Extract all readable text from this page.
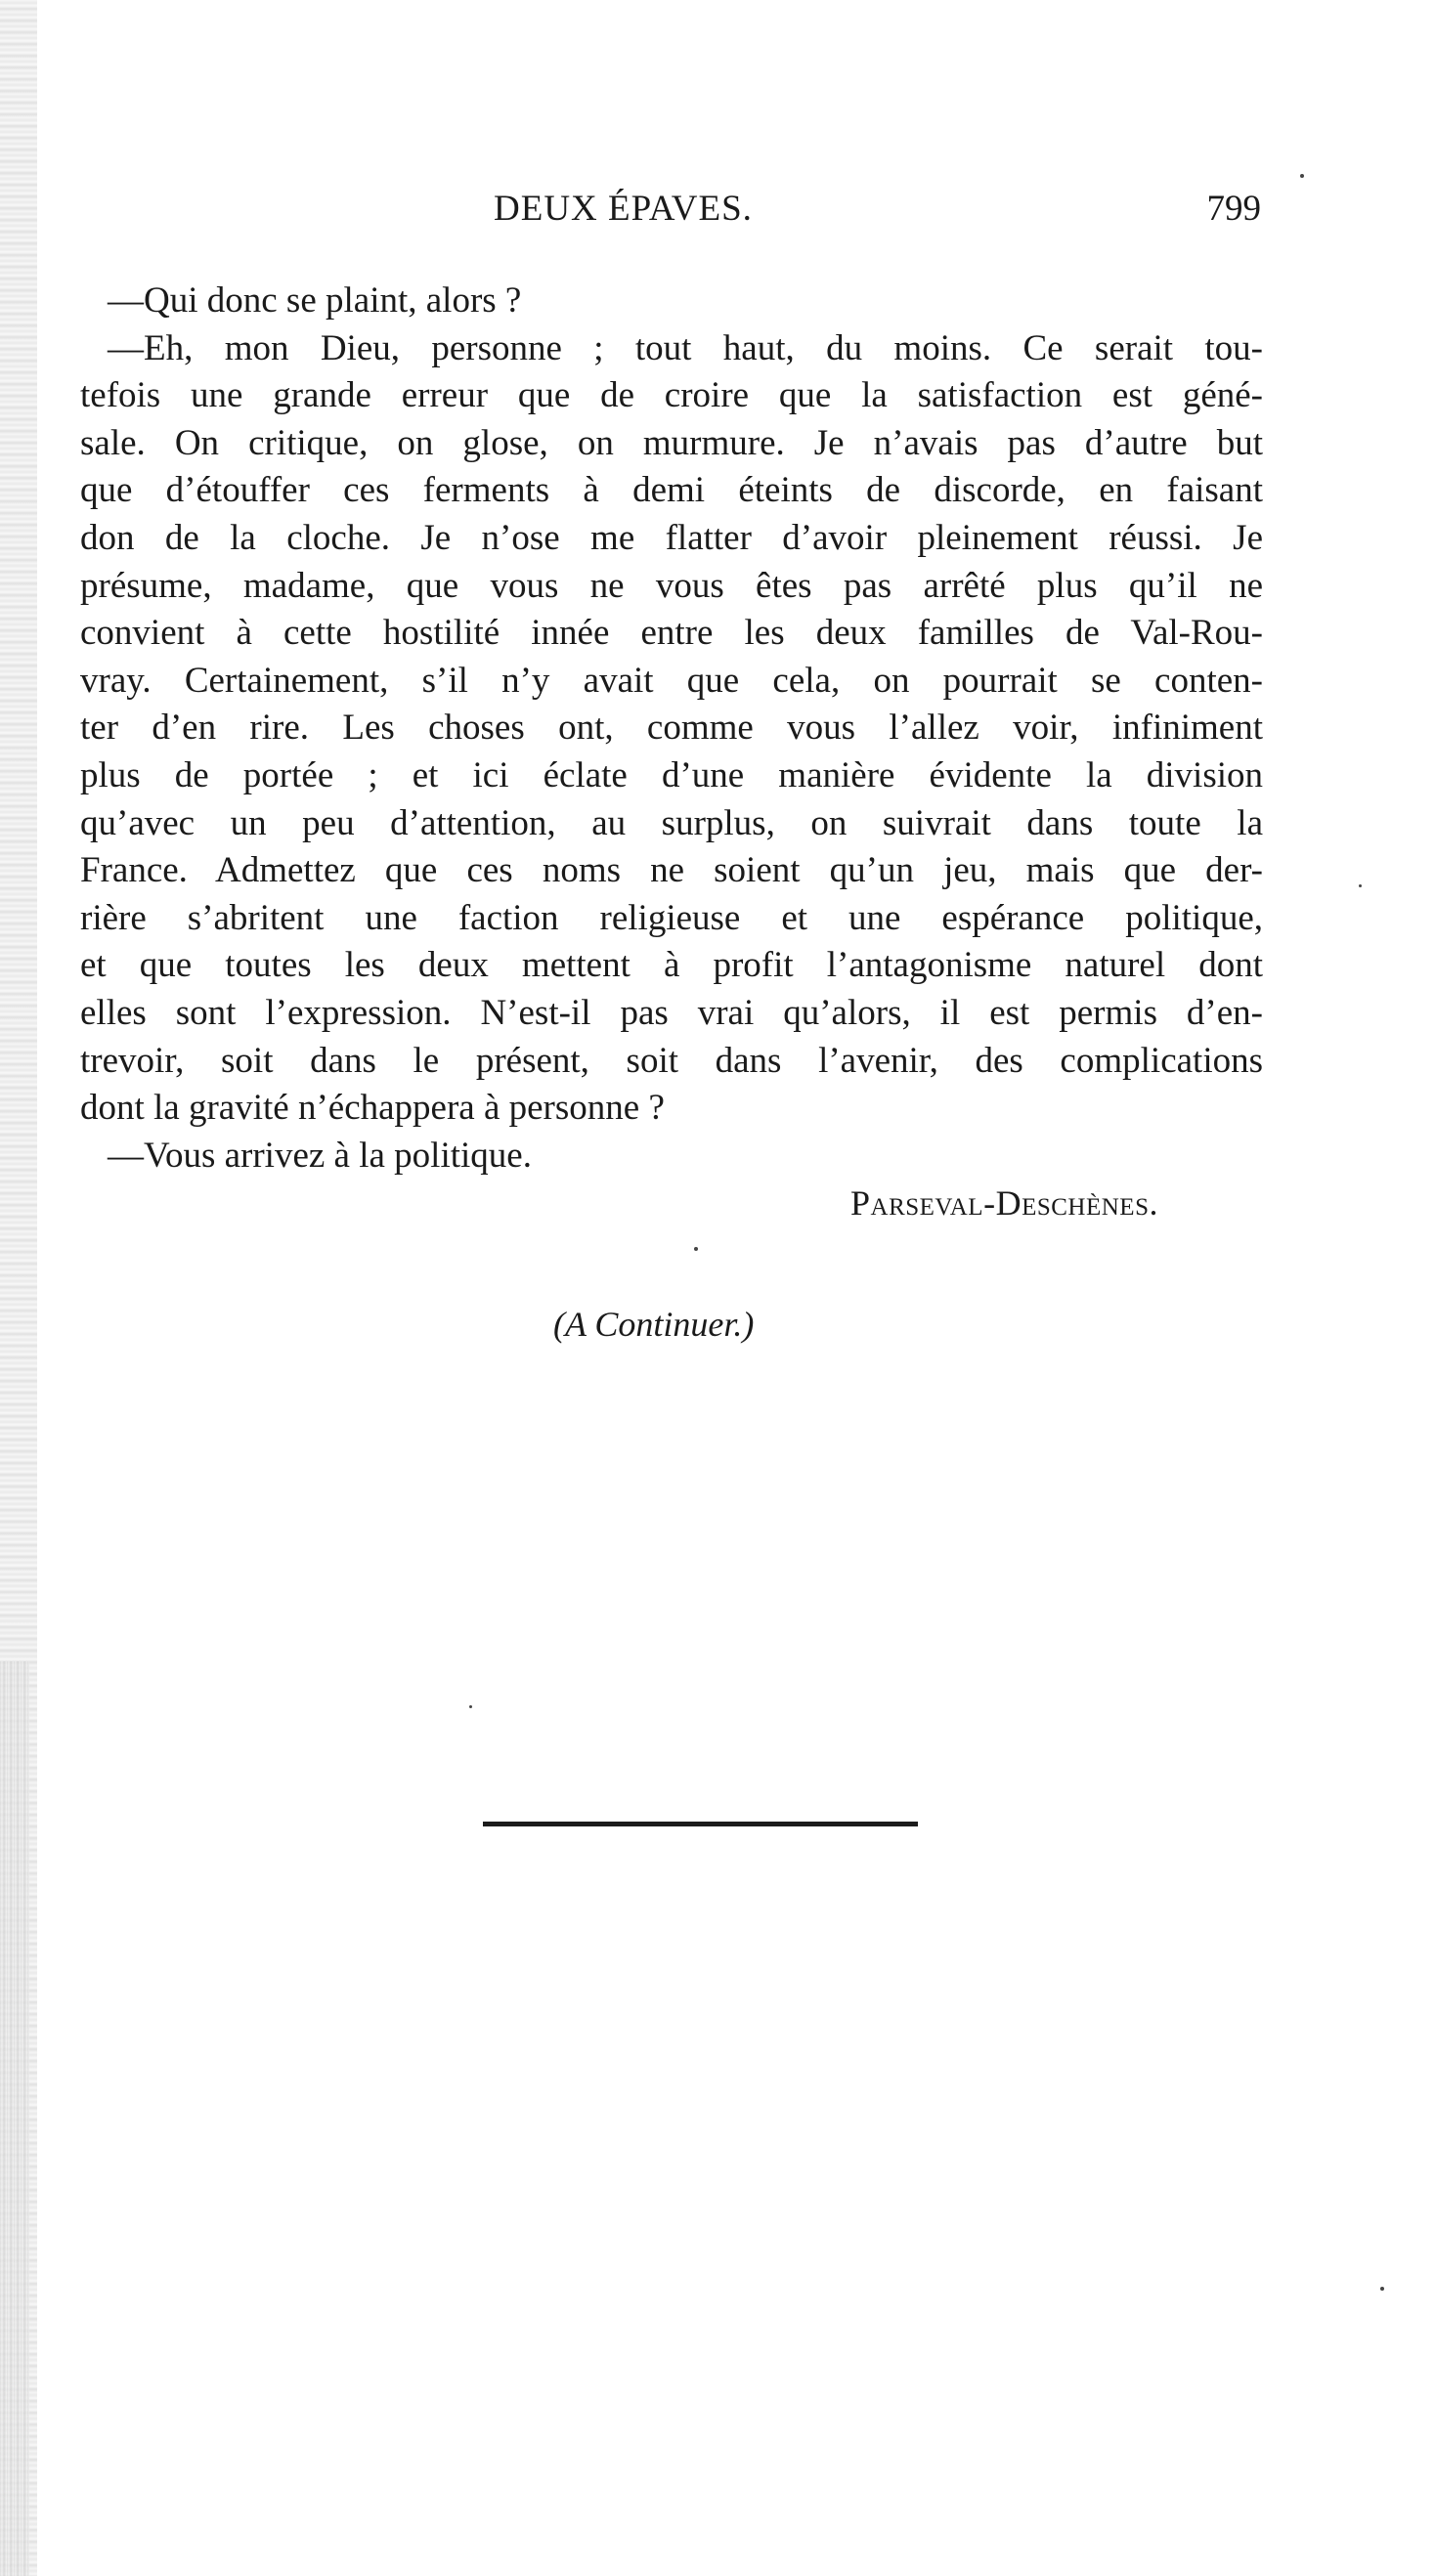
DEUX ÉPAVES.	799
—Qui donc se plaint, alors ?
—Eh, mon Dieu, personne ; tout haut, du moins. Ce serait tou-
tefois une grande erreur que de croire que la satisfaction est géné-
sale. On critique, on glose, on murmure. Je n’avais pas d’autre but
que d’étouffer ces ferments à demi éteints de discorde, en faisant
don de la cloche. Je n’ose me flatter d’avoir pleinement réussi. Je
présume, madame, que vous ne vous êtes pas arrêté plus qu’il ne
convient à cette hostilité innée entre les deux familles de Val-Rou-
vray. Certainement, s’il n’y avait que cela, on pourrait se conten-
ter d’en rire. Les choses ont, comme vous l’allez voir, infiniment
plus de portée ; et ici éclate d’une manière évidente la division
qu’avec un peu d’attention, au surplus, on suivrait dans toute la
France. Admettez que ces noms ne soient qu’un jeu, mais que der-
rière s’abritent une faction religieuse et une espérance politique,
et que toutes les deux mettent à profit l’antagonisme naturel dont
elles sont l’expression. N’est-il pas vrai qu’alors, il est permis d’en-
trevoir, soit dans le présent, soit dans l’avenir, des complications
dont la gravité n’échappera à personne ?
—Vous arrivez à la politique.
Parseval-Deschènes.
(A Continuer.)
